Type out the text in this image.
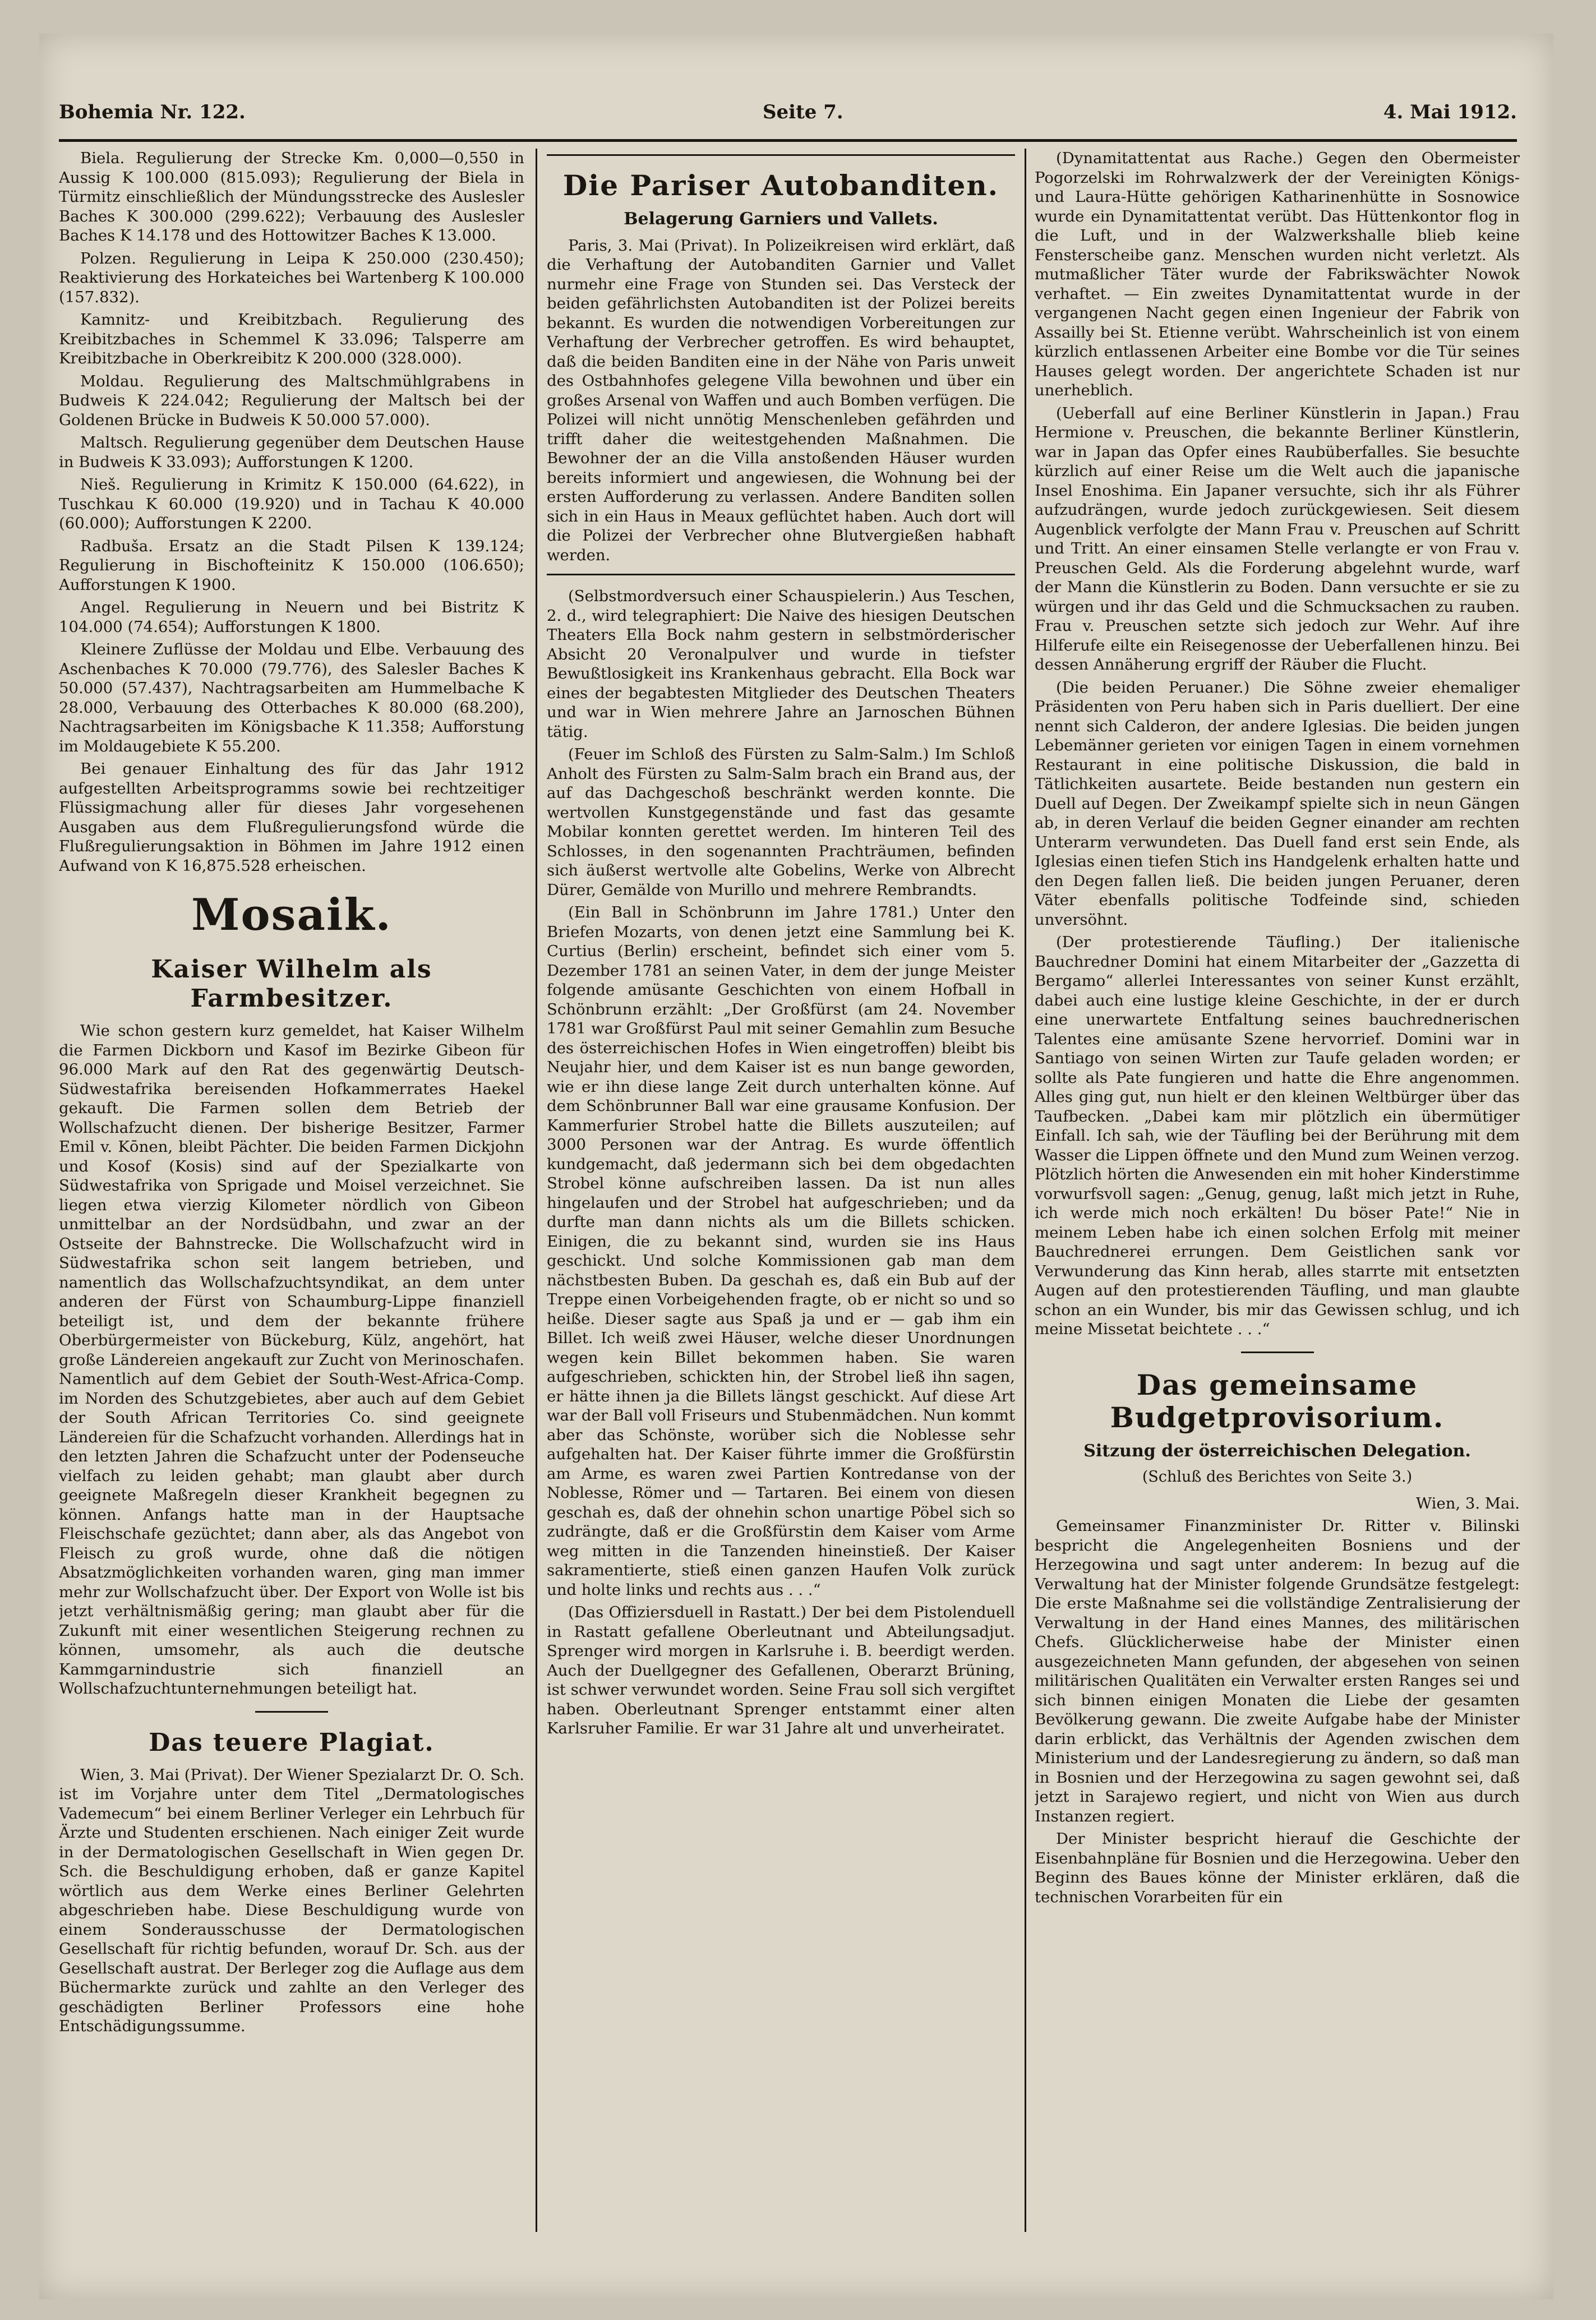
Bohemia Nr. 122.	Seite 7.	4. Mai 1912.

Biela. Regulierung der Strecke Km. 0,000—0,550 in Aussig K 100.000 (815.093); Regulierung der Biela in Türmitz einschließlich der Mündungsstrecke des Auslesler Baches K 300.000 (299.622); Verbauung des Auslesler Baches K 14.178 und des Hottowitzer Baches K 13.000.

Polzen. Regulierung in Leipa K 250.000 (230.450); Reaktivierung des Horkateiches bei Wartenberg K 100.000 (157.832).

Kamnitz- und Kreibitzbach. Regulierung des Kreibitzbaches in Schemmel K 33.096; Talsperre am Kreibitzbache in Oberkreibitz K 200.000 (328.000).

Moldau. Regulierung des Maltschmühlgrabens in Budweis K 224.042; Regulierung der Maltsch bei der Goldenen Brücke in Budweis K 50.000 57.000).

Maltsch. Regulierung gegenüber dem Deutschen Hause in Budweis K 33.093); Aufforstungen K 1200.

Nieš. Regulierung in Krimitz K 150.000 (64.622), in Tuschkau K 60.000 (19.920) und in Tachau K 40.000 (60.000); Aufforstungen K 2200.

Radbuša. Ersatz an die Stadt Pilsen K 139.124; Regulierung in Bischofteinitz K 150.000 (106.650); Aufforstungen K 1900.

Angel. Regulierung in Neuern und bei Bistritz K 104.000 (74.654); Aufforstungen K 1800.

Kleinere Zuflüsse der Moldau und Elbe. Verbauung des Aschenbaches K 70.000 (79.776), des Salesler Baches K 50.000 (57.437), Nachtragsarbeiten am Hummelbache K 28.000, Verbauung des Otterbaches K 80.000 (68.200), Nachtragsarbeiten im Königsbache K 11.358; Aufforstung im Moldaugebiete K 55.200.

Bei genauer Einhaltung des für das Jahr 1912 aufgestellten Arbeitsprogramms sowie bei rechtzeitiger Flüssigmachung aller für dieses Jahr vorgesehenen Ausgaben aus dem Flußregulierungsfond würde die Flußregulierungsaktion in Böhmen im Jahre 1912 einen Aufwand von K 16,875.528 erheischen.

Mosaik.
Kaiser Wilhelm als Farmbesitzer.

Wie schon gestern kurz gemeldet, hat Kaiser Wilhelm die Farmen Dickborn und Kasof im Bezirke Gibeon für 96.000 Mark auf den Rat des gegenwärtig Deutsch-Südwestafrika bereisenden Hofkammerrates Haekel gekauft. Die Farmen sollen dem Betrieb der Wollschafzucht dienen. Der bisherige Besitzer, Farmer Emil v. Kōnen, bleibt Pächter. Die beiden Farmen Dickjohn und Kosof (Kosis) sind auf der Spezialkarte von Südwestafrika von Sprigade und Moisel verzeichnet. Sie liegen etwa vierzig Kilometer nördlich von Gibeon unmittelbar an der Nordsüdbahn, und zwar an der Ostseite der Bahnstrecke. Die Wollschafzucht wird in Südwestafrika schon seit langem betrieben, und namentlich das Wollschafzuchtsyndikat, an dem unter anderen der Fürst von Schaumburg-Lippe finanziell beteiligt ist, und dem der bekannte frühere Oberbürgermeister von Bückeburg, Külz, angehört, hat große Ländereien angekauft zur Zucht von Merinoschafen. Namentlich auf dem Gebiet der South-West-Africa-Comp. im Norden des Schutzgebietes, aber auch auf dem Gebiet der South African Territories Co. sind geeignete Ländereien für die Schafzucht vorhanden. Allerdings hat in den letzten Jahren die Schafzucht unter der Podenseuche vielfach zu leiden gehabt; man glaubt aber durch geeignete Maßregeln dieser Krankheit begegnen zu können. Anfangs hatte man in der Hauptsache Fleischschafe gezüchtet; dann aber, als das Angebot von Fleisch zu groß wurde, ohne daß die nötigen Absatzmöglichkeiten vorhanden waren, ging man immer mehr zur Wollschafzucht über. Der Export von Wolle ist bis jetzt verhältnismäßig gering; man glaubt aber für die Zukunft mit einer wesentlichen Steigerung rechnen zu können, umsomehr, als auch die deutsche Kammgarnindustrie sich finanziell an Wollschafzuchtunternehmungen beteiligt hat.

Das teuere Plagiat.

Wien, 3. Mai (Privat). Der Wiener Spezialarzt Dr. O. Sch. ist im Vorjahre unter dem Titel „Dermatologisches Vademecum“ bei einem Berliner Verleger ein Lehrbuch für Ärzte und Studenten erschienen. Nach einiger Zeit wurde in der Dermatologischen Gesellschaft in Wien gegen Dr. Sch. die Beschuldigung erhoben, daß er ganze Kapitel wörtlich aus dem Werke eines Berliner Gelehrten abgeschrieben habe. Diese Beschuldigung wurde von einem Sonderausschusse der Dermatologischen Gesellschaft für richtig befunden, worauf Dr. Sch. aus der Gesellschaft austrat. Der Berleger zog die Auflage aus dem Büchermarkte zurück und zahlte an den Verleger des geschädigten Berliner Professors eine hohe Entschädigungssumme.

Die Pariser Autobanditen.
Belagerung Garniers und Vallets.

Paris, 3. Mai (Privat). In Polizeikreisen wird erklärt, daß die Verhaftung der Autobanditen Garnier und Vallet nurmehr eine Frage von Stunden sei. Das Versteck der beiden gefährlichsten Autobanditen ist der Polizei bereits bekannt. Es wurden die notwendigen Vorbereitungen zur Verhaftung der Verbrecher getroffen. Es wird behauptet, daß die beiden Banditen eine in der Nähe von Paris unweit des Ostbahnhofes gelegene Villa bewohnen und über ein großes Arsenal von Waffen und auch Bomben verfügen. Die Polizei will nicht unnötig Menschenleben gefährden und trifft daher die weitestgehenden Maßnahmen. Die Bewohner der an die Villa anstoßenden Häuser wurden bereits informiert und angewiesen, die Wohnung bei der ersten Aufforderung zu verlassen. Andere Banditen sollen sich in ein Haus in Meaux geflüchtet haben. Auch dort will die Polizei der Verbrecher ohne Blutvergießen habhaft werden.

(Selbstmordversuch einer Schauspielerin.) Aus Teschen, 2. d., wird telegraphiert: Die Naive des hiesigen Deutschen Theaters Ella Bock nahm gestern in selbstmörderischer Absicht 20 Veronalpulver und wurde in tiefster Bewußtlosigkeit ins Krankenhaus gebracht. Ella Bock war eines der begabtesten Mitglieder des Deutschen Theaters und war in Wien mehrere Jahre an Jarnoschen Bühnen tätig.

(Feuer im Schloß des Fürsten zu Salm-Salm.) Im Schloß Anholt des Fürsten zu Salm-Salm brach ein Brand aus, der auf das Dachgeschoß beschränkt werden konnte. Die wertvollen Kunstgegenstände und fast das gesamte Mobilar konnten gerettet werden. Im hinteren Teil des Schlosses, in den sogenannten Prachträumen, befinden sich äußerst wertvolle alte Gobelins, Werke von Albrecht Dürer, Gemälde von Murillo und mehrere Rembrandts.

(Ein Ball in Schönbrunn im Jahre 1781.) Unter den Briefen Mozarts, von denen jetzt eine Sammlung bei K. Curtius (Berlin) erscheint, befindet sich einer vom 5. Dezember 1781 an seinen Vater, in dem der junge Meister folgende amüsante Geschichten von einem Hofball in Schönbrunn erzählt: „Der Großfürst (am 24. November 1781 war Großfürst Paul mit seiner Gemahlin zum Besuche des österreichischen Hofes in Wien eingetroffen) bleibt bis Neujahr hier, und dem Kaiser ist es nun bange geworden, wie er ihn diese lange Zeit durch unterhalten könne. Auf dem Schönbrunner Ball war eine grausame Konfusion. Der Kammerfurier Strobel hatte die Billets auszuteilen; auf 3000 Personen war der Antrag. Es wurde öffentlich kundgemacht, daß jedermann sich bei dem obgedachten Strobel könne aufschreiben lassen. Da ist nun alles hingelaufen und der Strobel hat aufgeschrieben; und da durfte man dann nichts als um die Billets schicken. Einigen, die zu bekannt sind, wurden sie ins Haus geschickt. Und solche Kommissionen gab man dem nächstbesten Buben. Da geschah es, daß ein Bub auf der Treppe einen Vorbeigehenden fragte, ob er nicht so und so heiße. Dieser sagte aus Spaß ja und er — gab ihm ein Billet. Ich weiß zwei Häuser, welche dieser Unordnungen wegen kein Billet bekommen haben. Sie waren aufgeschrieben, schickten hin, der Strobel ließ ihn sagen, er hätte ihnen ja die Billets längst geschickt. Auf diese Art war der Ball voll Friseurs und Stubenmädchen. Nun kommt aber das Schönste, worüber sich die Noblesse sehr aufgehalten hat. Der Kaiser führte immer die Großfürstin am Arme, es waren zwei Partien Kontredanse von der Noblesse, Römer und — Tartaren. Bei einem von diesen geschah es, daß der ohnehin schon unartige Pöbel sich so zudrängte, daß er die Großfürstin dem Kaiser vom Arme weg mitten in die Tanzenden hineinstieß. Der Kaiser sakramentierte, stieß einen ganzen Haufen Volk zurück und holte links und rechts aus . . .“

(Das Offiziersduell in Rastatt.) Der bei dem Pistolenduell in Rastatt gefallene Oberleutnant und Abteilungsadjut. Sprenger wird morgen in Karlsruhe i. B. beerdigt werden. Auch der Duellgegner des Gefallenen, Oberarzt Brüning, ist schwer verwundet worden. Seine Frau soll sich vergiftet haben. Oberleutnant Sprenger entstammt einer alten Karlsruher Familie. Er war 31 Jahre alt und unverheiratet.

(Dynamitattentat aus Rache.) Gegen den Obermeister Pogorzelski im Rohrwalzwerk der der Vereinigten Königs- und Laura-Hütte gehörigen Katharinenhütte in Sosnowice wurde ein Dynamitattentat verübt. Das Hüttenkontor flog in die Luft, und in der Walzwerkshalle blieb keine Fensterscheibe ganz. Menschen wurden nicht verletzt. Als mutmaßlicher Täter wurde der Fabrikswächter Nowok verhaftet. — Ein zweites Dynamitattentat wurde in der vergangenen Nacht gegen einen Ingenieur der Fabrik von Assailly bei St. Etienne verübt. Wahrscheinlich ist von einem kürzlich entlassenen Arbeiter eine Bombe vor die Tür seines Hauses gelegt worden. Der angerichtete Schaden ist nur unerheblich.

(Ueberfall auf eine Berliner Künstlerin in Japan.) Frau Hermione v. Preuschen, die bekannte Berliner Künstlerin, war in Japan das Opfer eines Raubüberfalles. Sie besuchte kürzlich auf einer Reise um die Welt auch die japanische Insel Enoshima. Ein Japaner versuchte, sich ihr als Führer aufzudrängen, wurde jedoch zurückgewiesen. Seit diesem Augenblick verfolgte der Mann Frau v. Preuschen auf Schritt und Tritt. An einer einsamen Stelle verlangte er von Frau v. Preuschen Geld. Als die Forderung abgelehnt wurde, warf der Mann die Künstlerin zu Boden. Dann versuchte er sie zu würgen und ihr das Geld und die Schmucksachen zu rauben. Frau v. Preuschen setzte sich jedoch zur Wehr. Auf ihre Hilferufe eilte ein Reisegenosse der Ueberfallenen hinzu. Bei dessen Annäherung ergriff der Räuber die Flucht.

(Die beiden Peruaner.) Die Söhne zweier ehemaliger Präsidenten von Peru haben sich in Paris duelliert. Der eine nennt sich Calderon, der andere Iglesias. Die beiden jungen Lebemänner gerieten vor einigen Tagen in einem vornehmen Restaurant in eine politische Diskussion, die bald in Tätlichkeiten ausartete. Beide bestanden nun gestern ein Duell auf Degen. Der Zweikampf spielte sich in neun Gängen ab, in deren Verlauf die beiden Gegner einander am rechten Unterarm verwundeten. Das Duell fand erst sein Ende, als Iglesias einen tiefen Stich ins Handgelenk erhalten hatte und den Degen fallen ließ. Die beiden jungen Peruaner, deren Väter ebenfalls politische Todfeinde sind, schieden unversöhnt.

(Der protestierende Täufling.) Der italienische Bauchredner Domini hat einem Mitarbeiter der „Gazzetta di Bergamo“ allerlei Interessantes von seiner Kunst erzählt, dabei auch eine lustige kleine Geschichte, in der er durch eine unerwartete Entfaltung seines bauchrednerischen Talentes eine amüsante Szene hervorrief. Domini war in Santiago von seinen Wirten zur Taufe geladen worden; er sollte als Pate fungieren und hatte die Ehre angenommen. Alles ging gut, nun hielt er den kleinen Weltbürger über das Taufbecken. „Dabei kam mir plötzlich ein übermütiger Einfall. Ich sah, wie der Täufling bei der Berührung mit dem Wasser die Lippen öffnete und den Mund zum Weinen verzog. Plötzlich hörten die Anwesenden ein mit hoher Kinderstimme vorwurfsvoll sagen: „Genug, genug, laßt mich jetzt in Ruhe, ich werde mich noch erkälten! Du böser Pate!“ Nie in meinem Leben habe ich einen solchen Erfolg mit meiner Bauchrednerei errungen. Dem Geistlichen sank vor Verwunderung das Kinn herab, alles starrte mit entsetzten Augen auf den protestierenden Täufling, und man glaubte schon an ein Wunder, bis mir das Gewissen schlug, und ich meine Missetat beichtete . . .“

Das gemeinsame Budgetprovisorium.
Sitzung der österreichischen Delegation.
(Schluß des Berichtes von Seite 3.)
Wien, 3. Mai.

Gemeinsamer Finanzminister Dr. Ritter v. Bilinski bespricht die Angelegenheiten Bosniens und der Herzegowina und sagt unter anderem: In bezug auf die Verwaltung hat der Minister folgende Grundsätze festgelegt: Die erste Maßnahme sei die vollständige Zentralisierung der Verwaltung in der Hand eines Mannes, des militärischen Chefs. Glücklicherweise habe der Minister einen ausgezeichneten Mann gefunden, der abgesehen von seinen militärischen Qualitäten ein Verwalter ersten Ranges sei und sich binnen einigen Monaten die Liebe der gesamten Bevölkerung gewann. Die zweite Aufgabe habe der Minister darin erblickt, das Verhältnis der Agenden zwischen dem Ministerium und der Landesregierung zu ändern, so daß man in Bosnien und der Herzegowina zu sagen gewohnt sei, daß jetzt in Sarajewo regiert, und nicht von Wien aus durch Instanzen regiert.

Der Minister bespricht hierauf die Geschichte der Eisenbahnpläne für Bosnien und die Herzegowina. Ueber den Beginn des Baues könne der Minister erklären, daß die technischen Vorarbeiten für ein
